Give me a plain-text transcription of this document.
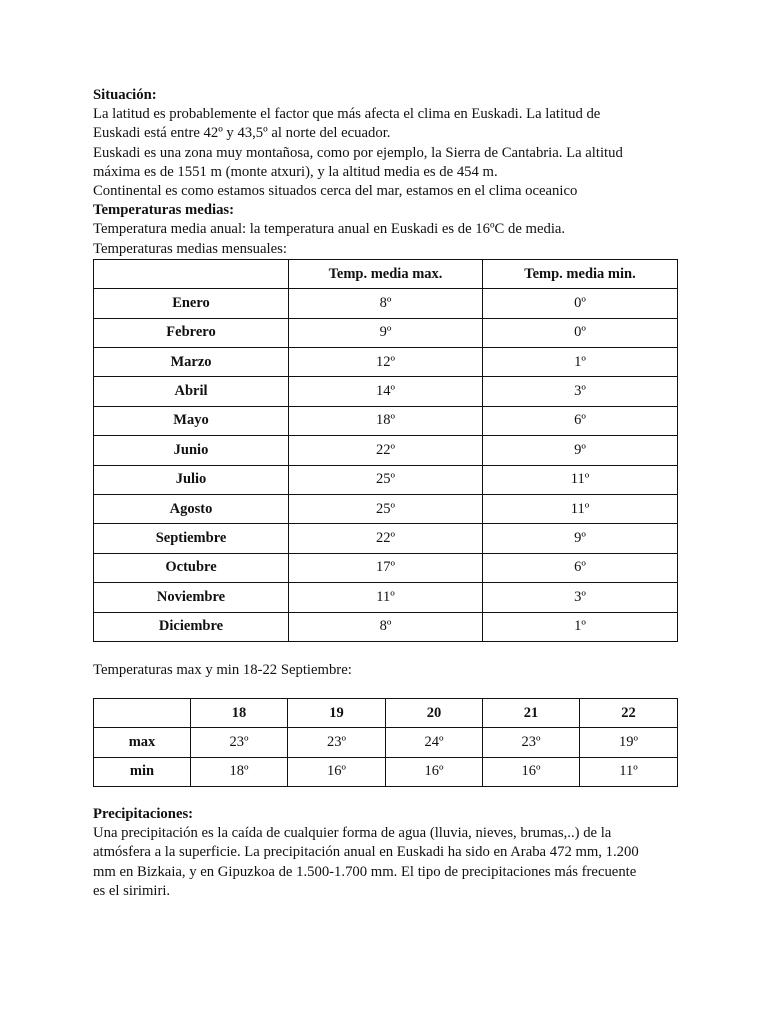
Situación:

La latitud es probablemente el factor que más afecta el clima en Euskadi. La latitud de

Euskadi está entre 42º y 43,5º al norte del ecuador.

Euskadi es una zona muy montañosa, como por ejemplo, la Sierra de Cantabria. La altitud

máxima es de 1551 m (monte atxuri), y la altitud media es de 454 m.

Continental es como estamos situados cerca del mar, estamos en el clima oceanico

Temperaturas medias:

Temperatura media anual: la temperatura anual en Euskadi es de 16ºC de media.

Temperaturas medias mensuales:

	Temp. media max.	Temp. media min.
Enero	8º	0º
Febrero	9º	0º
Marzo	12º	1º
Abril	14º	3º
Mayo	18º	6º
Junio	22º	9º
Julio	25º	11º
Agosto	25º	11º
Septiembre	22º	9º
Octubre	17º	6º
Noviembre	11º	3º
Diciembre	8º	1º

Temperaturas max y min 18-22 Septiembre:

	18	19	20	21	22
max	23º	23º	24º	23º	19º
min	18º	16º	16º	16º	11º

Precipitaciones:

Una precipitación es la caída de cualquier forma de agua (lluvia, nieves, brumas,..) de la

atmósfera a la superficie. La precipitación anual en Euskadi ha sido en Araba 472 mm, 1.200

mm en Bizkaia, y en Gipuzkoa de 1.500-1.700 mm. El tipo de precipitaciones más frecuente

es el sirimiri.
